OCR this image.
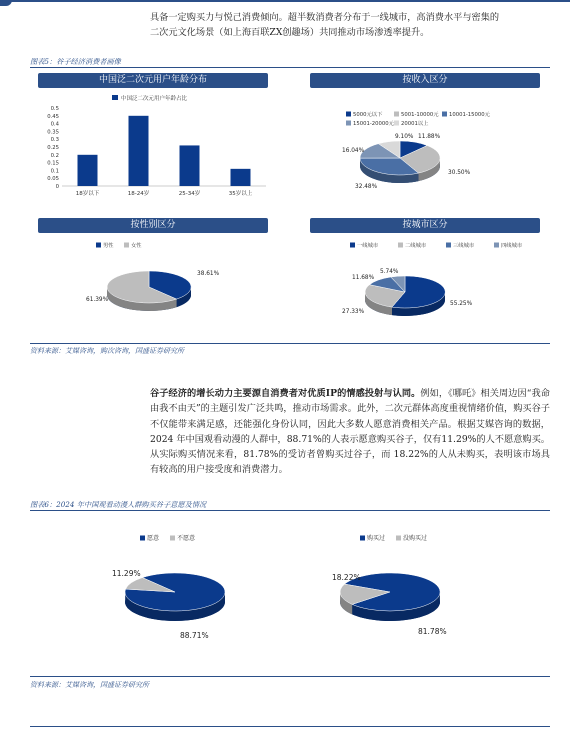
具备一定购买力与悦己消费倾向。超半数消费者分布于一线城市，高消费水平与密集的
二次元文化场景（如上海百联ZX创趣场）共同推动市场渗透率提升。
图表5：谷子经济消费者画像
中国泛二次元用户年龄分布
中国泛二次元用户年龄占比
0
0.05
0.1
0.15
0.2
0.25
0.3
0.35
0.4
0.45
0.5
18岁以下	18-24岁	25-34岁	35岁以上
按收入区分
5000元以下	5001-10000元 10001-15000元
15001-20000元 20001以上
11.88%
30.50%
32.48%
16.04%
9.10%
按性别区分
男性	女性
38.61%
61.39%
按城市区分
一线城市	二线城市	三线城市	四线城市
55.25%
27.33%
11.68%
5.74%
资料来源：艾媒咨询，购次咨询，国盛证券研究所
谷子经济的增长动力主要源自消费者对优质IP的情感投射与认同。例如，《哪吒》相关周边因“我命由我不由天”的主题引发广泛共鸣，推动市场需求。此外，二次元群体高度重视情绪价值，购买谷子不仅能带来满足感，还能强化身份认同，因此大多数人愿意消费相关产品。根据艾媒咨询的数据， 2024 年中国观看动漫的人群中，88.71%的人表示愿意购买谷子，仅有11.29%的人不愿意购买。从实际购买情况来看，81.78%的受访者曾购买过谷子，而 18.22%的人从未购买，表明该市场具有较高的用户接受度和消费潜力。
图表6：2024 年中国观看动漫人群购买谷子意愿及情况
愿意	不愿意
88.71%
11.29%
购买过	没购买过
81.78%
18.22%
资料来源：艾媒咨询，国盛证券研究所
